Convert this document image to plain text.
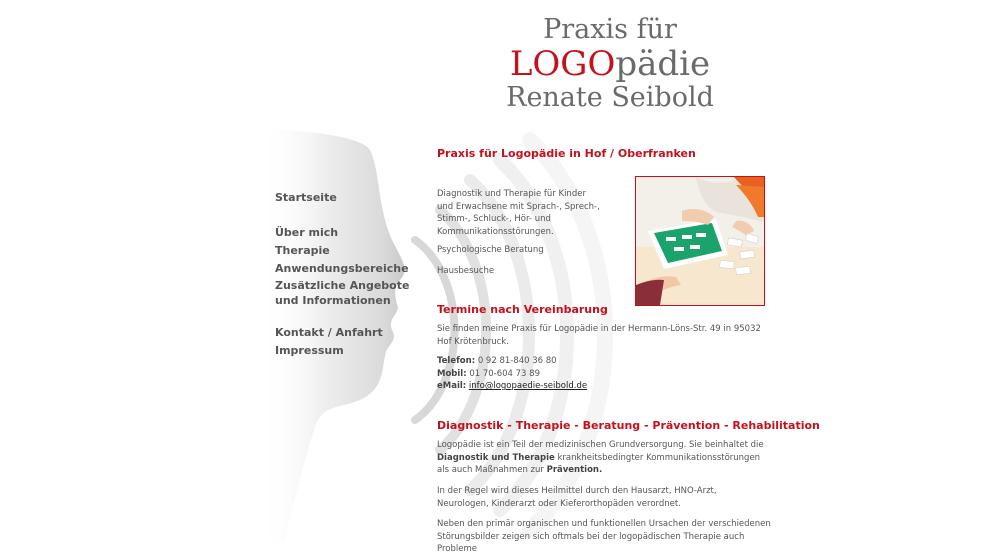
Praxis für
LOGOpädie
Renate Seibold
Startseite
Über mich
Therapie
Anwendungsbereiche
Zusätzliche Angebote und Informationen
Kontakt / Anfahrt
Impressum
Praxis für Logopädie in Hof / Oberfranken
Diagnostik und Therapie für Kinder und Erwachsene mit Sprach-, Sprech-, Stimm-, Schluck-, Hör- und Kommunikationsstörungen.
Psychologische Beratung
Hausbesuche
Termine nach Vereinbarung
Sie finden meine Praxis für Logopädie in der Hermann-Löns-Str. 49 in 95032 Hof Krötenbruck.
Telefon: 0 92 81-840 36 80
Mobil: 01 70-604 73 89
eMail: info@logopaedie-seibold.de
Diagnostik - Therapie - Beratung - Prävention - Rehabilitation
Logopädie ist ein Teil der medizinischen Grundversorgung. Sie beinhaltet die
Diagnostik und Therapie krankheitsbedingter Kommunikationsstörungen
als auch Maßnahmen zur Prävention.
In der Regel wird dieses Heilmittel durch den Hausarzt, HNO-Arzt, Neurologen, Kinderarzt oder Kieferorthopäden verordnet.
Neben den primär organischen und funktionellen Ursachen der verschiedenen Störungsbilder zeigen sich oftmals bei der logopädischen Therapie auch Probleme
